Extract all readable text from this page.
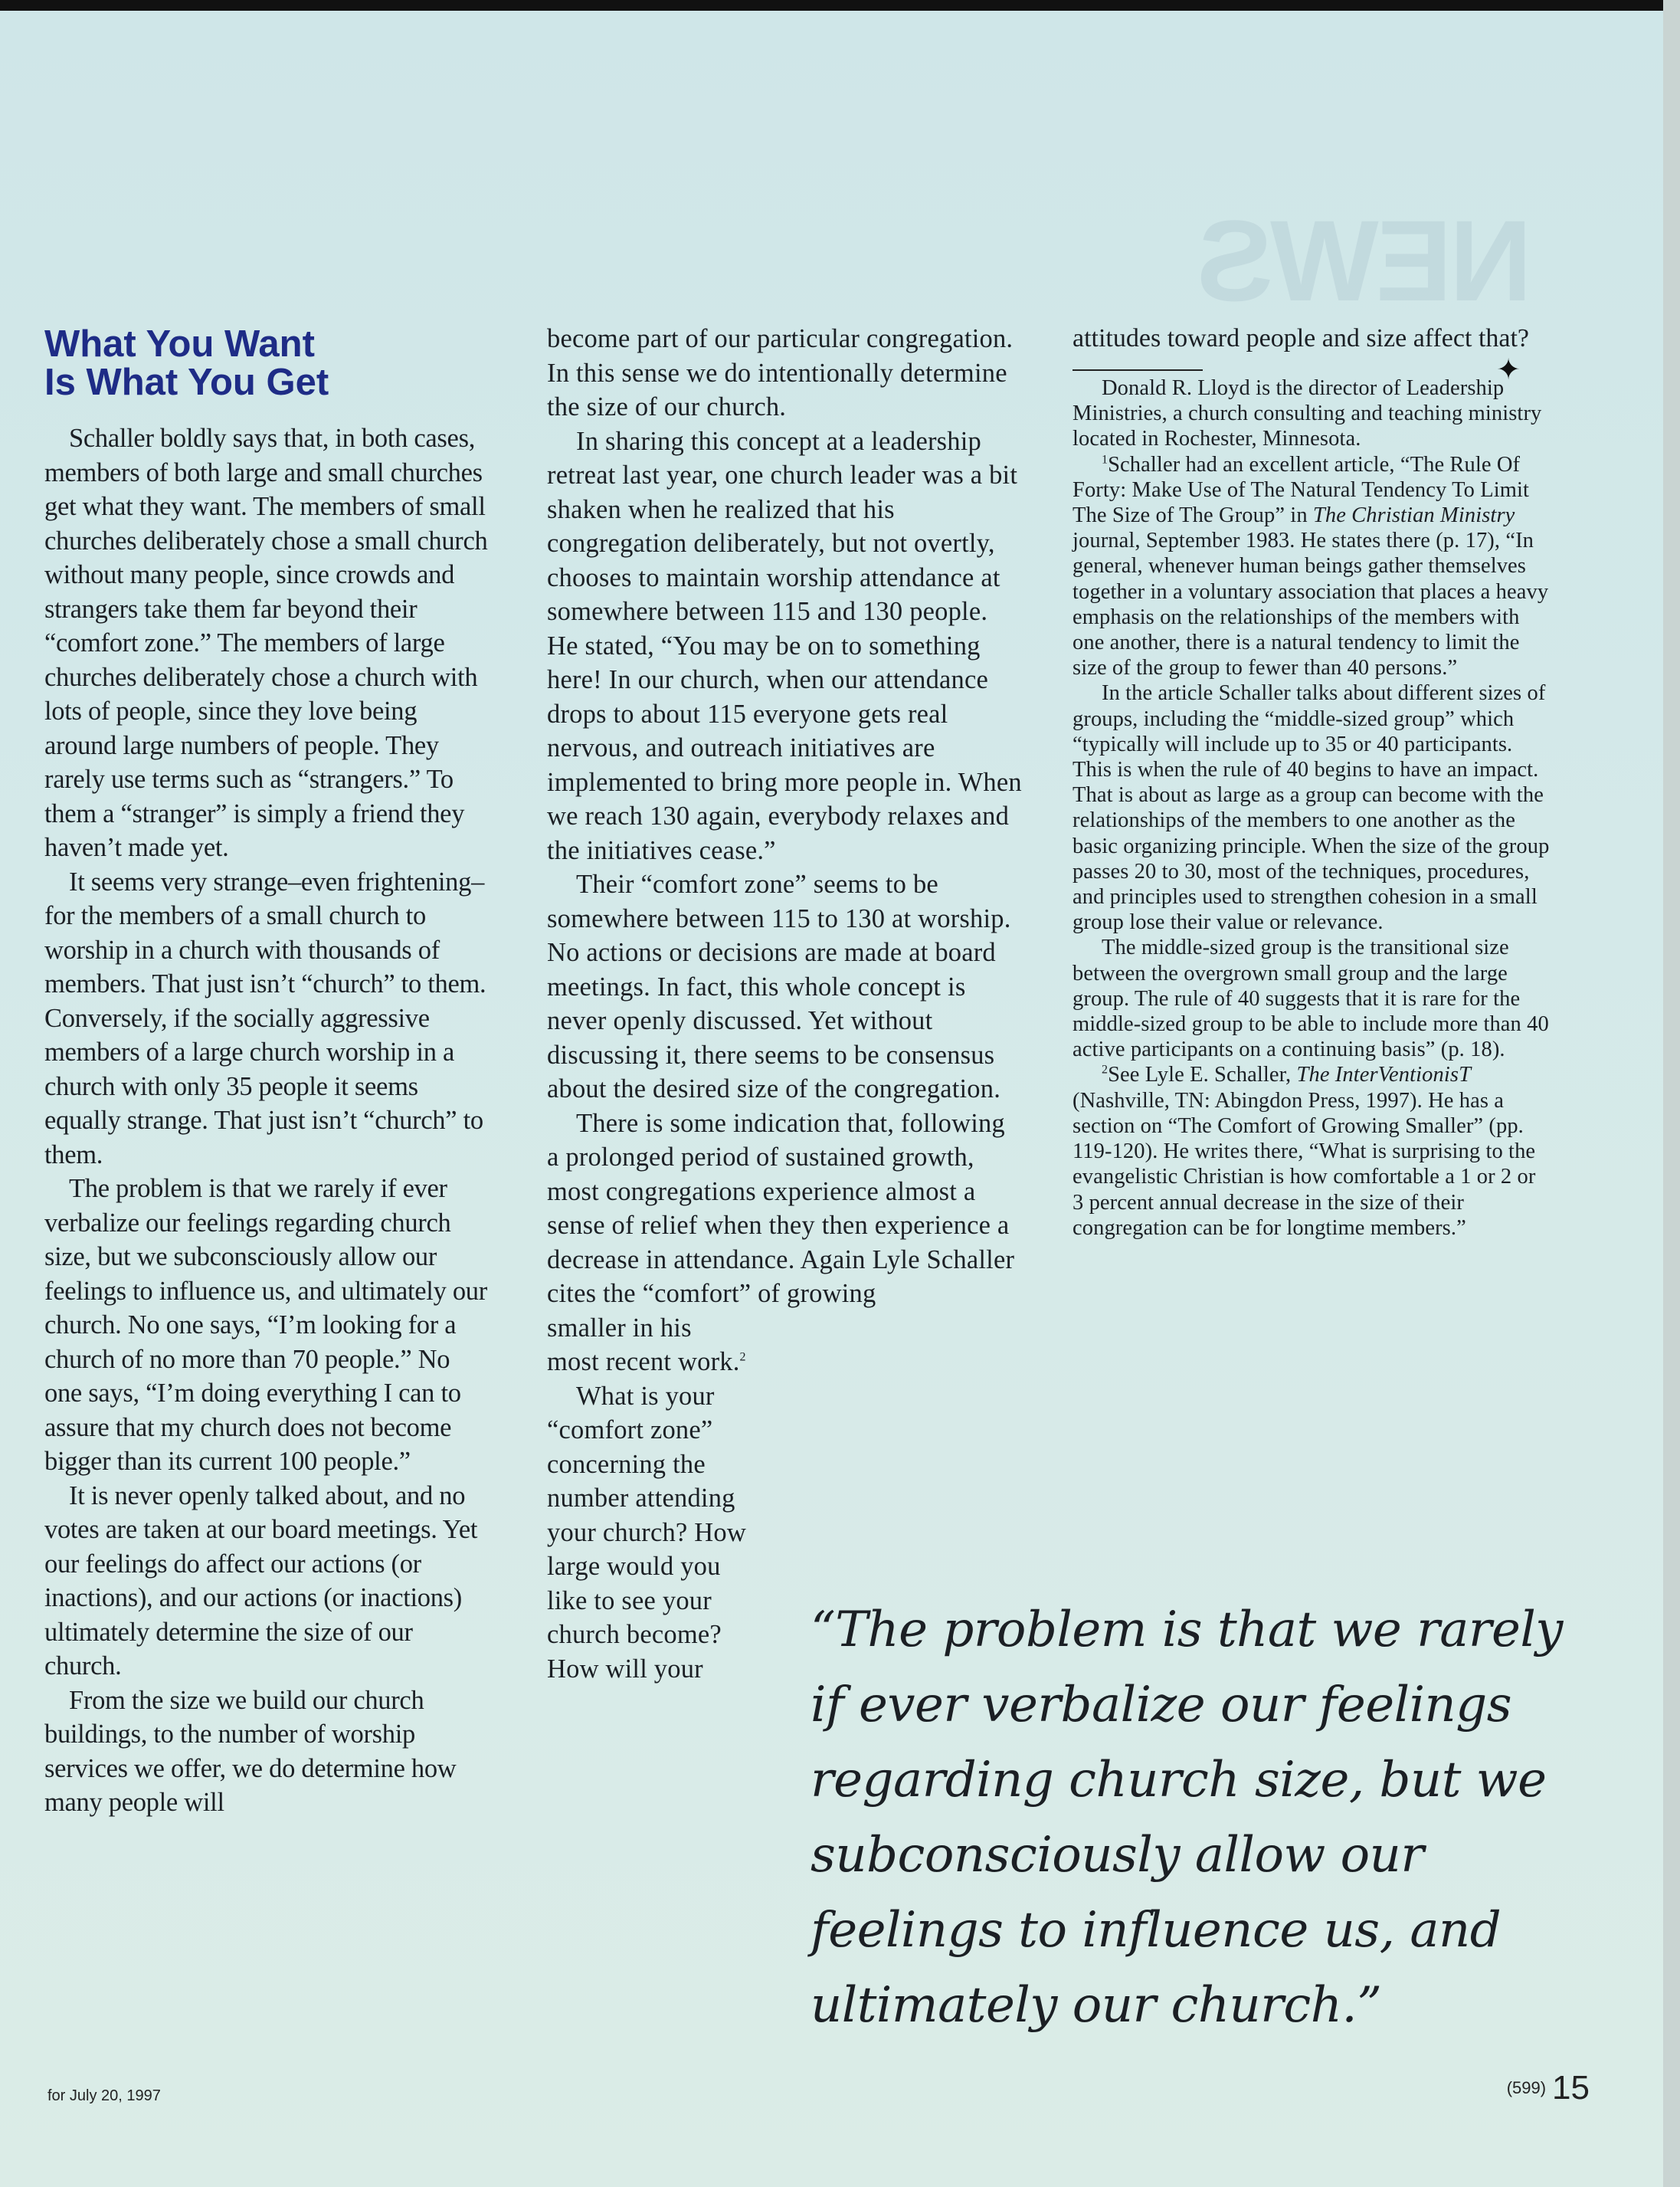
NEWS
What You Want
Is What You Get

Schaller boldly says that, in both cases, members of both large and small churches get what they want. The members of small churches deliberately chose a small church without many people, since crowds and strangers take them far beyond their “comfort zone.” The members of large churches deliberately chose a church with lots of people, since they love being around large numbers of people. They rarely use terms such as “strangers.” To them a “stranger” is simply a friend they haven’t made yet.

It seems very strange–even frightening–for the members of a small church to worship in a church with thousands of members. That just isn’t “church” to them. Conversely, if the socially aggressive members of a large church worship in a church with only 35 people it seems equally strange. That just isn’t “church” to them.

The problem is that we rarely if ever verbalize our feelings regarding church size, but we subconsciously allow our feelings to influence us, and ultimately our church. No one says, “I’m looking for a church of no more than 70 people.” No one says, “I’m doing everything I can to assure that my church does not become bigger than its current 100 people.”

It is never openly talked about, and no votes are taken at our board meetings. Yet our feelings do affect our actions (or inactions), and our actions (or inactions) ultimately determine the size of our church.

From the size we build our church buildings, to the number of worship services we offer, we do determine how many people will

become part of our particular congregation. In this sense we do intentionally determine the size of our church.

In sharing this concept at a leadership retreat last year, one church leader was a bit shaken when he realized that his congregation deliberately, but not overtly, chooses to maintain worship attendance at somewhere between 115 and 130 people. He stated, “You may be on to something here! In our church, when our attendance drops to about 115 everyone gets real nervous, and outreach initiatives are implemented to bring more people in. When we reach 130 again, everybody relaxes and the initiatives cease.”

Their “comfort zone” seems to be somewhere between 115 to 130 at worship. No actions or decisions are made at board meetings. In fact, this whole concept is never openly discussed. Yet without discussing it, there seems to be consensus about the desired size of the congregation.

There is some indication that, following a prolonged period of sustained growth, most congregations experience almost a sense of relief when they then experience a decrease in attendance. Again Lyle Schaller cites the “comfort” of growing

smaller in his most recent work.$^2$

What is your “comfort zone” concerning the number attending your church? How large would you like to see your church become? How will your

attitudes toward people and size affect that?

✦

Donald R. Lloyd is the director of Leadership Ministries, a church consulting and teaching ministry located in Rochester, Minnesota.

$^1$Schaller had an excellent article, “The Rule Of Forty: Make Use of The Natural Tendency To Limit The Size of The Group” in The Christian Ministry journal, September 1983. He states there (p. 17), “In general, whenever human beings gather themselves together in a voluntary association that places a heavy emphasis on the relationships of the members with one another, there is a natural tendency to limit the size of the group to fewer than 40 persons.”

In the article Schaller talks about different sizes of groups, including the “middle-sized group” which “typically will include up to 35 or 40 participants. This is when the rule of 40 begins to have an impact. That is about as large as a group can become with the relationships of the members to one another as the basic organizing principle. When the size of the group passes 20 to 30, most of the techniques, procedures, and principles used to strengthen cohesion in a small group lose their value or relevance.

The middle-sized group is the transitional size between the overgrown small group and the large group. The rule of 40 suggests that it is rare for the middle-sized group to be able to include more than 40 active participants on a continuing basis” (p. 18).

$^2$See Lyle E. Schaller, The InterVentionisT (Nashville, TN: Abingdon Press, 1997). He has a section on “The Comfort of Growing Smaller” (pp. 119-120). He writes there, “What is surprising to the evangelistic Christian is how comfortable a 1 or 2 or 3 percent annual decrease in the size of their congregation can be for longtime members.”

“The problem is that we rarely if ever verbalize our feelings regarding church size, but we subconsciously allow our feelings to influence us, and ultimately our church.”
for July 20, 1997	(599) 15
